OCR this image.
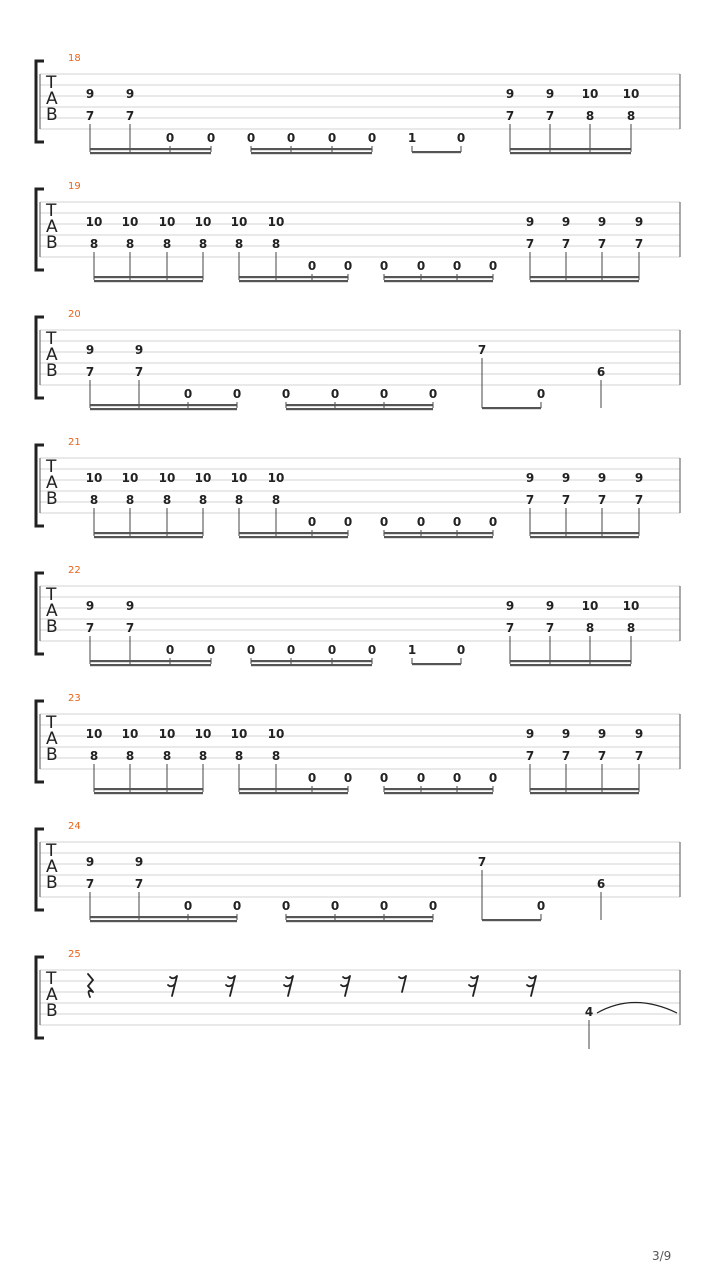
18
T
A
B
9	9	9	9 10 10
7	7	7	7	8	8
0	0	0	0	0	0	1	0
19
T
A
B
10 10 10 10 10 10	9 9 9 9
8 8 8 8 8 8	7 7 7 7
0 0 0 0 0 0
20
T
A
B
9	9	7
7	7	6
0	0	0	0	0	0	0
21
T
A
B
10 10 10 10 10 10	9 9 9 9
8 8 8 8 8 8	7 7 7 7
0 0 0 0 0 0
22
T
A
B
9	9	9	9 10 10
7	7	7	7	8	8
0	0	0	0	0	0	1	0
23
T
A
B
10 10 10 10 10 10	9 9 9 9
8 8 8 8 8 8	7 7 7 7
0 0 0 0 0 0
24
T
A
B
9	9	7
7	7	6
0	0	0	0	0	0	0
25
T
A
B	4
3/9
